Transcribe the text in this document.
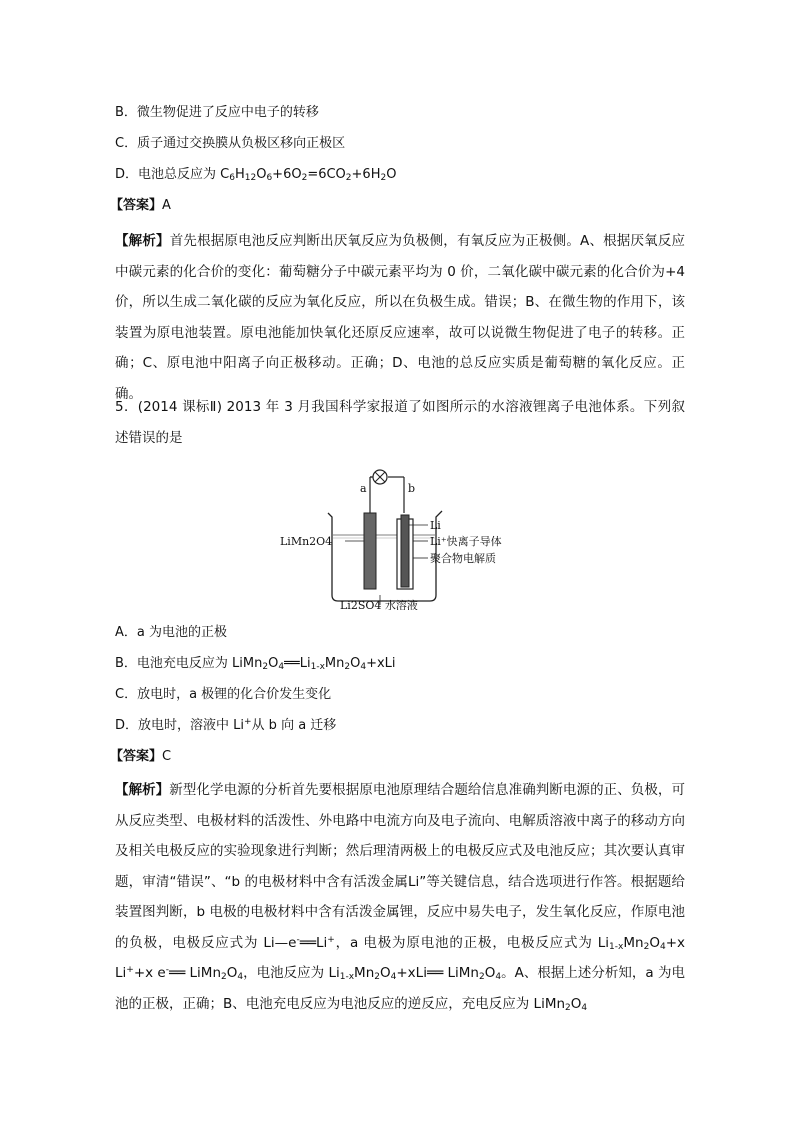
B．微生物促进了反应中电子的转移
C．质子通过交换膜从负极区移向正极区
D．电池总反应为 $C_6H_{12}O_6+6O_2=6CO_2+6H_2O$
【答案】A
【解析】首先根据原电池反应判断出厌氧反应为负极侧，有氧反应为正极侧。A、根据厌氧反应中碳元素的化合价的变化：葡萄糖分子中碳元素平均为 0 价，二氧化碳中碳元素的化合价为+4 价，所以生成二氧化碳的反应为氧化反应，所以在负极生成。错误；B、在微生物的作用下，该装置为原电池装置。原电池能加快氧化还原反应速率，故可以说微生物促进了电子的转移。正确；C、原电池中阳离子向正极移动。正确；D、电池的总反应实质是葡萄糖的氧化反应。正确。
5．(2014 课标Ⅱ) 2013 年 3 月我国科学家报道了如图所示的水溶液锂离子电池体系。下列叙述错误的是
a	b
LiMn2O4
Li
Li⁺快离子导体
聚合物电解质
Li2SO4 水溶液
A．a 为电池的正极
B．电池充电反应为 $LiMn_2O_4══Li_{1-x}Mn_2O_4+xLi$
C．放电时，a 极锂的化合价发生变化
D．放电时，溶液中 Li+从 b 向 a 迁移
【答案】C
【解析】新型化学电源的分析首先要根据原电池原理结合题给信息准确判断电源的正、负极，可从反应类型、电极材料的活泼性、外电路中电流方向及电子流向、电解质溶液中离子的移动方向及相关电极反应的实验现象进行判断；然后理清两极上的电极反应式及电池反应；其次要认真审题，审清“错误”、“b 的电极材料中含有活泼金属Li”等关键信息，结合选项进行作答。根据题给装置图判断，b 电极的电极材料中含有活泼金属锂，反应中易失电子，发生氧化反应，作原电池的负极，电极反应式为 Li—e-══Li+，a 电极为原电池的正极，电极反应式为 $Li_{1-x}Mn_2O_4+x$ Li++x e-══ $LiMn_2O_4$，电池反应为 $Li_{1-x}Mn_2O_4+xLi══$ $LiMn_2O_4$。A、根据上述分析知，a 为电池的正极，正确；B、电池充电反应为电池反应的逆反应，充电反应为 $LiMn_2O_4$
